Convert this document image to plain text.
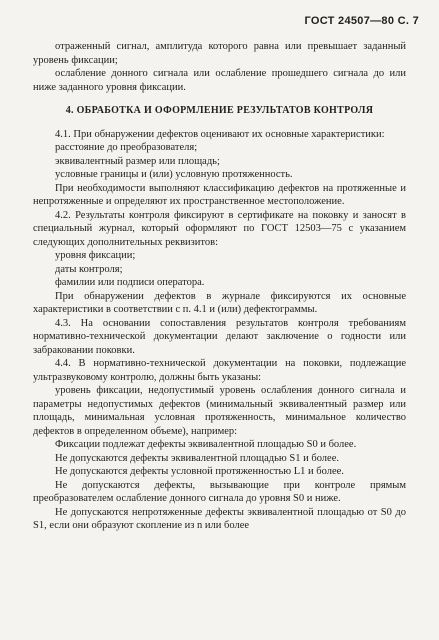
ГОСТ 24507—80 С. 7

отраженный сигнал, амплитуда которого равна или превышает заданный уровень фиксации;

ослабление донного сигнала или ослабление прошедшего сигнала до или ниже заданного уровня фиксации.

4. ОБРАБОТКА И ОФОРМЛЕНИЕ РЕЗУЛЬТАТОВ КОНТРОЛЯ

4.1. При обнаружении дефектов оценивают их основные характеристики:

расстояние до преобразователя;

эквивалентный размер или площадь;

условные границы и (или) условную протяженность.

При необходимости выполняют классификацию дефектов на протяженные и непротяженные и определяют их пространственное местоположение.

4.2. Результаты контроля фиксируют в сертификате на поковку и заносят в специальный журнал, который оформляют по ГОСТ 12503—75 с указанием следующих дополнительных реквизитов:

уровня фиксации;

даты контроля;

фамилии или подписи оператора.

При обнаружении дефектов в журнале фиксируются их основные характеристики в соответствии с п. 4.1 и (или) дефектограммы.

4.3. На основании сопоставления результатов контроля требованиям нормативно-технической документации делают заключение о годности или забраковании поковки.

4.4. В нормативно-технической документации на поковки, подлежащие ультразвуковому контролю, должны быть указаны:

уровень фиксации, недопустимый уровень ослабления донного сигнала и параметры недопустимых дефектов (минимальный эквивалентный размер или площадь, минимальная условная протяженность, минимальное количество дефектов в определенном объеме), например:

Фиксации подлежат дефекты эквивалентной площадью S0 и более.

Не допускаются дефекты эквивалентной площадью S1 и более.

Не допускаются дефекты условной протяженностью L1 и более.

Не допускаются дефекты, вызывающие при контроле прямым преобразователем ослабление донного сигнала до уровня S0 и ниже.

Не допускаются непротяженные дефекты эквивалентной площадью от S0 до S1, если они образуют скопление из n или более
